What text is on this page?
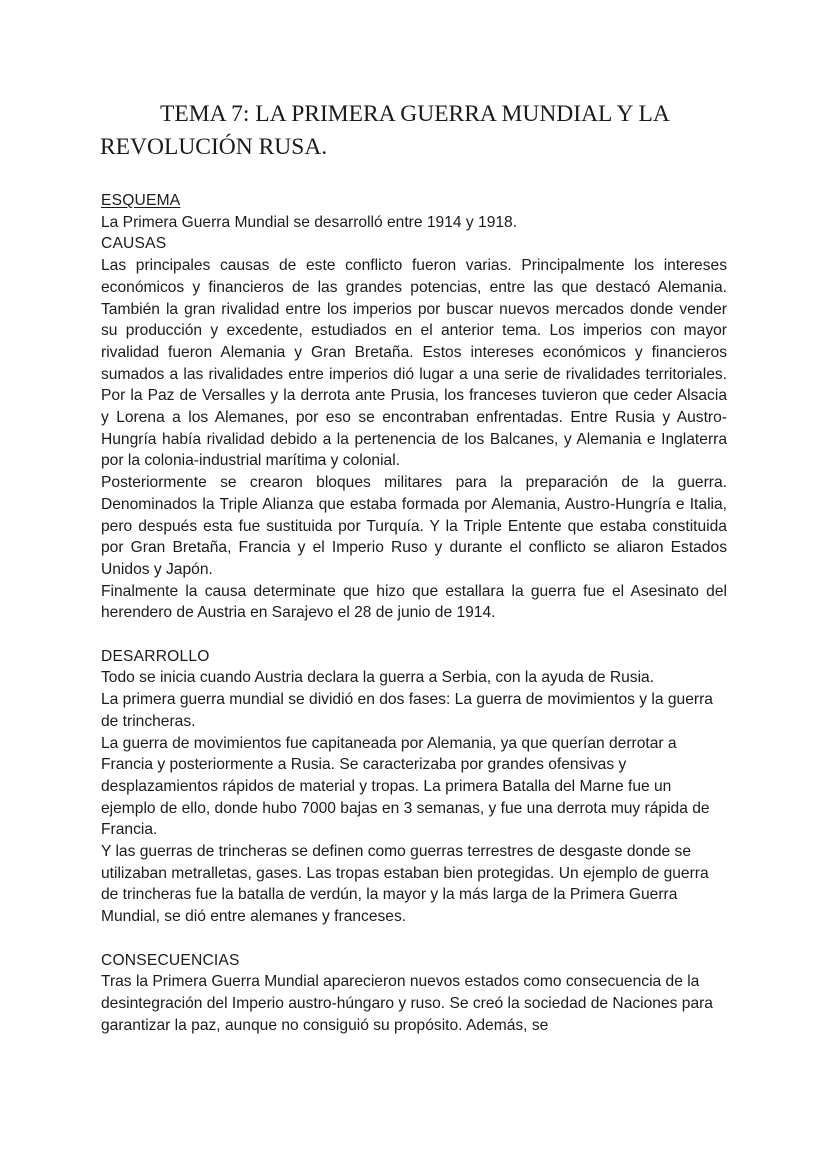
TEMA 7: LA PRIMERA GUERRA MUNDIAL Y LA REVOLUCIÓN RUSA.
ESQUEMA

La Primera Guerra Mundial se desarrolló entre 1914 y 1918.

CAUSAS

Las principales causas de este conflicto fueron varias. Principalmente los intereses económicos y financieros de las grandes potencias, entre las que destacó Alemania. También la gran rivalidad entre los imperios por buscar nuevos mercados donde vender su producción y excedente, estudiados en el anterior tema. Los imperios con mayor rivalidad fueron Alemania y Gran Bretaña. Estos intereses económicos y financieros sumados a las rivalidades entre imperios dió lugar a una serie de rivalidades territoriales. Por la Paz de Versalles y la derrota ante Prusia, los franceses tuvieron que ceder Alsacia y Lorena a los Alemanes, por eso se encontraban enfrentadas. Entre Rusia y Austro-Hungría había rivalidad debido a la pertenencia de los Balcanes, y Alemania e Inglaterra por la colonia-industrial marítima y colonial.

Posteriormente se crearon bloques militares para la preparación de la guerra. Denominados la Triple Alianza que estaba formada por Alemania, Austro-Hungría e Italia, pero después esta fue sustituida por Turquía. Y la Triple Entente que estaba constituida por Gran Bretaña, Francia y el Imperio Ruso y durante el conflicto se aliaron Estados Unidos y Japón.

Finalmente la causa determinate que hizo que estallara la guerra fue el Asesinato del herendero de Austria en Sarajevo el 28 de junio de 1914.

DESARROLLO

Todo se inicia cuando Austria declara la guerra a Serbia, con la ayuda de Rusia.

La primera guerra mundial se dividió en dos fases: La guerra de movimientos y la guerra de trincheras.

La guerra de movimientos fue capitaneada por Alemania, ya que querían derrotar a Francia y posteriormente a Rusia. Se caracterizaba por grandes ofensivas y desplazamientos rápidos de material y tropas. La primera Batalla del Marne fue un ejemplo de ello, donde hubo 7000 bajas en 3 semanas, y fue una derrota muy rápida de Francia.

Y las guerras de trincheras se definen como guerras terrestres de desgaste donde se utilizaban metralletas, gases. Las tropas estaban bien protegidas. Un ejemplo de guerra de trincheras fue la batalla de verdún, la mayor y la más larga de la Primera Guerra Mundial, se dió entre alemanes y franceses.

CONSECUENCIAS

Tras la Primera Guerra Mundial aparecieron nuevos estados como consecuencia de la desintegración del Imperio austro-húngaro y ruso. Se creó la sociedad de Naciones para garantizar la paz, aunque no consiguió su propósito. Además, se
